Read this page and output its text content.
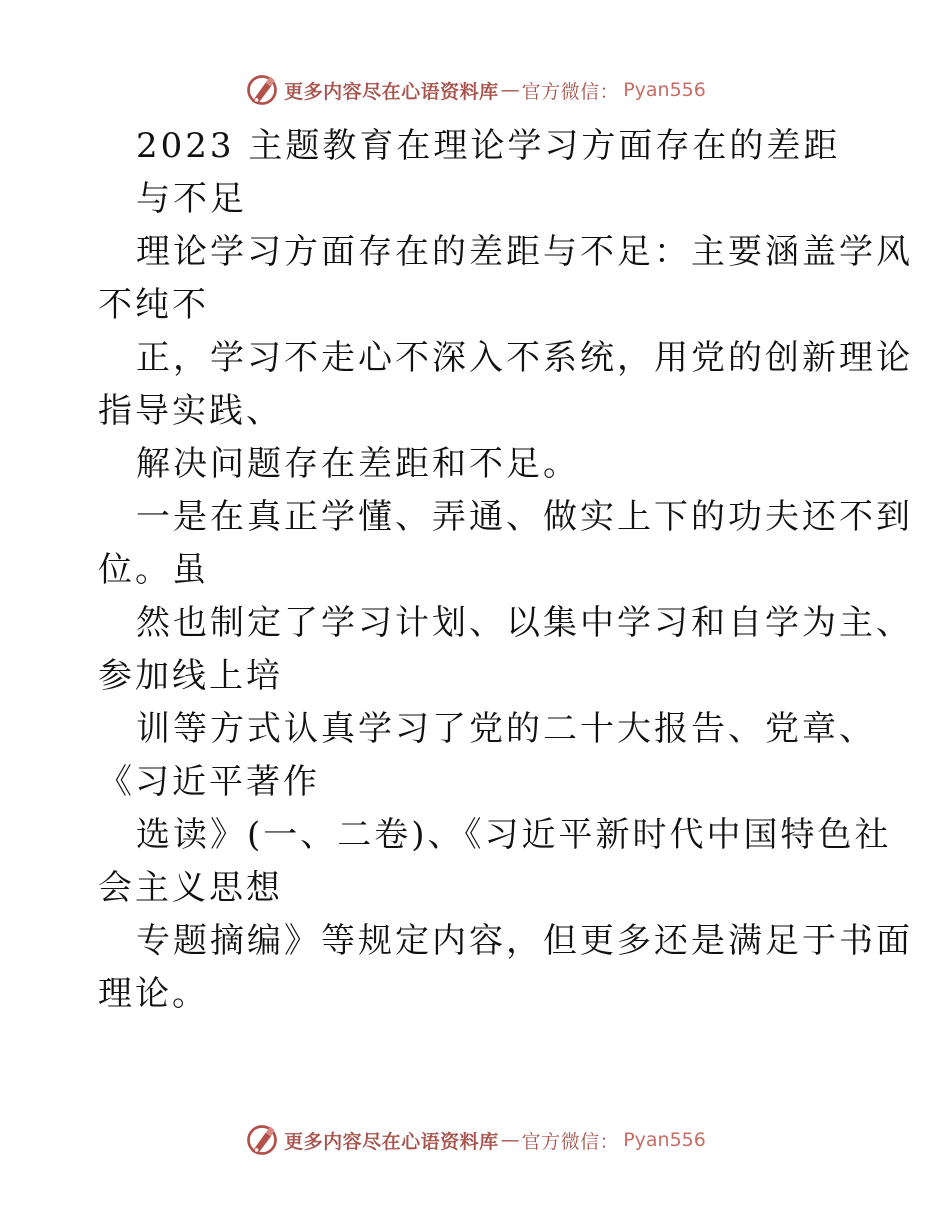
更多内容尽在心语资料库 — 官方微信： Pyan556
2023 主题教育在理论学习方面存在的差距
与不足
理论学习方面存在的差距与不足：主要涵盖学风
不纯不
正，学习不走心不深入不系统，用党的创新理论
指导实践、
解决问题存在差距和不足。
一是在真正学懂、弄通、做实上下的功夫还不到
位。虽
然也制定了学习计划、以集中学习和自学为主、
参加线上培
训等方式认真学习了党的二十大报告、党章、
《习近平著作
选读》(一、二卷)、《习近平新时代中国特色社
会主义思想
专题摘编》等规定内容，但更多还是满足于书面
理论。
更多内容尽在心语资料库 — 官方微信： Pyan556
